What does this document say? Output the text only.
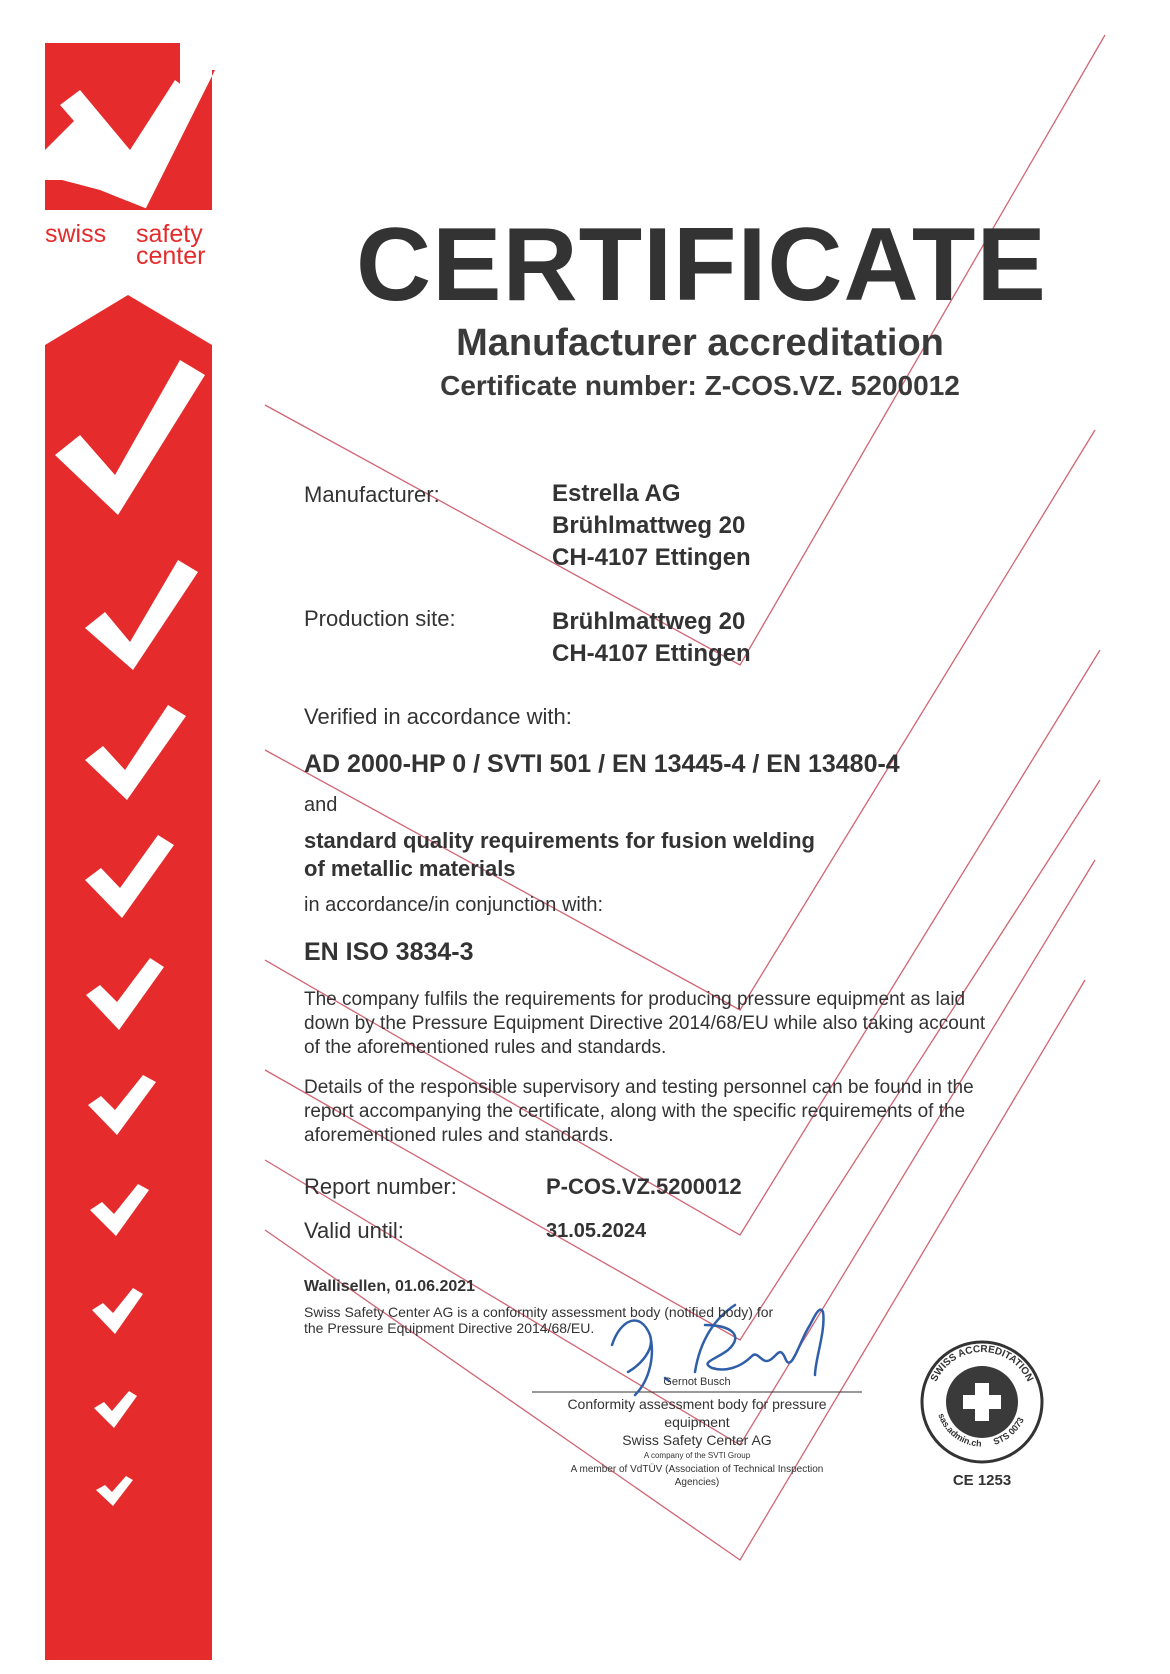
SWISS ACCREDITATION
sas.admin.ch STS 0073
swiss safety
center CERTIFICATE
Manufacturer accreditation
Certificate number: Z-COS.VZ. 5200012
Manufacturer:	Estrella AG
Brühlmattweg 20
CH-4107 Ettingen
Production site:	Brühlmattweg 20
CH-4107 Ettingen
Verified in accordance with:
AD 2000-HP 0 / SVTI 501 / EN 13445-4 / EN 13480-4
and
standard quality requirements for fusion welding
of metallic materials
in accordance/in conjunction with:
EN ISO 3834-3
The company fulfils the requirements for producing pressure equipment as laid
down by the Pressure Equipment Directive 2014/68/EU while also taking account
of the aforementioned rules and standards.
Details of the responsible supervisory and testing personnel can be found in the
report accompanying the certificate, along with the specific requirements of the
aforementioned rules and standards.
Report number:	P-COS.VZ.5200012
Valid until:	31.05.2024
Wallisellen, 01.06.2021
Swiss Safety Center AG is a conformity assessment body (notified body) for
the Pressure Equipment Directive 2014/68/EU.
Gernot Busch
Conformity assessment body for pressure
equipment
Swiss Safety Center AG
A company of the SVTI Group
A member of VdTÜV (Association of Technical Inspection
Agencies)	CE 1253
